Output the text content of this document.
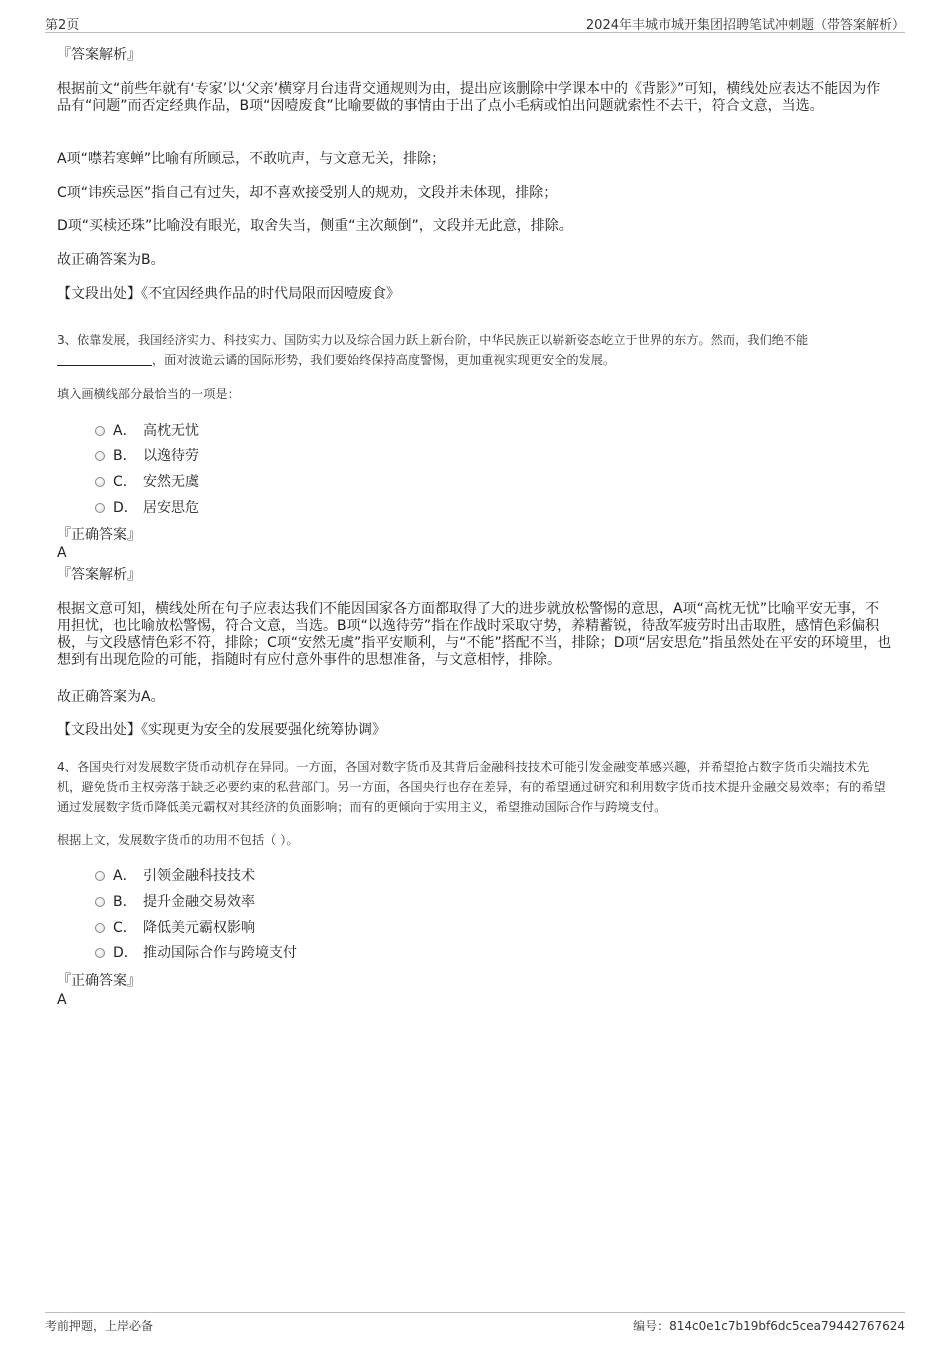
第2页	2024年丰城市城开集团招聘笔试冲刺题（带答案解析）
『答案解析』
根据前文“前些年就有‘专家’以‘父亲’横穿月台违背交通规则为由，提出应该删除中学课本中的《背影》”可知，横线处应表达不能因为作品有“问题”而否定经典作品，B项“因噎废食”比喻要做的事情由于出了点小毛病或怕出问题就索性不去干，符合文意，当选。
A项“噤若寒蝉”比喻有所顾忌，不敢吭声，与文意无关，排除；
C项“讳疾忌医”指自己有过失，却不喜欢接受别人的规劝，文段并未体现，排除；
D项“买椟还珠”比喻没有眼光，取舍失当，侧重“主次颠倒”，文段并无此意，排除。
故正确答案为B。
【文段出处】《不宜因经典作品的时代局限而因噎废食》
3、依靠发展，我国经济实力、科技实力、国防实力以及综合国力跃上新台阶，中华民族正以崭新姿态屹立于世界的东方。然而，我们绝不能
，面对波诡云谲的国际形势，我们要始终保持高度警惕，更加重视实现更安全的发展。
填入画横线部分最恰当的一项是：
A． 高枕无忧
B． 以逸待劳
C． 安然无虞
D． 居安思危
『正确答案』
A
『答案解析』
根据文意可知，横线处所在句子应表达我们不能因国家各方面都取得了大的进步就放松警惕的意思，A项“高枕无忧”比喻平安无事，不用担忧，也比喻放松警惕，符合文意，当选。B项“以逸待劳”指在作战时采取守势，养精蓄锐，待敌军疲劳时出击取胜，感情色彩偏积极，与文段感情色彩不符，排除；C项“安然无虞”指平安顺利，与“不能”搭配不当，排除；D项“居安思危”指虽然处在平安的环境里，也想到有出现危险的可能，指随时有应付意外事件的思想准备，与文意相悖，排除。
故正确答案为A。
【文段出处】《实现更为安全的发展要强化统筹协调》
4、各国央行对发展数字货币动机存在异同。一方面，各国对数字货币及其背后金融科技技术可能引发金融变革感兴趣，并希望抢占数字货币尖端技术先机，避免货币主权旁落于缺乏必要约束的私营部门。另一方面，各国央行也存在差异，有的希望通过研究和利用数字货币技术提升金融交易效率；有的希望通过发展数字货币降低美元霸权对其经济的负面影响；而有的更倾向于实用主义，希望推动国际合作与跨境支付。
根据上文，发展数字货币的功用不包括（ ）。
A． 引领金融科技技术
B． 提升金融交易效率
C． 降低美元霸权影响
D． 推动国际合作与跨境支付
『正确答案』
A
考前押题，上岸必备	编号：814c0e1c7b19bf6dc5cea79442767624
